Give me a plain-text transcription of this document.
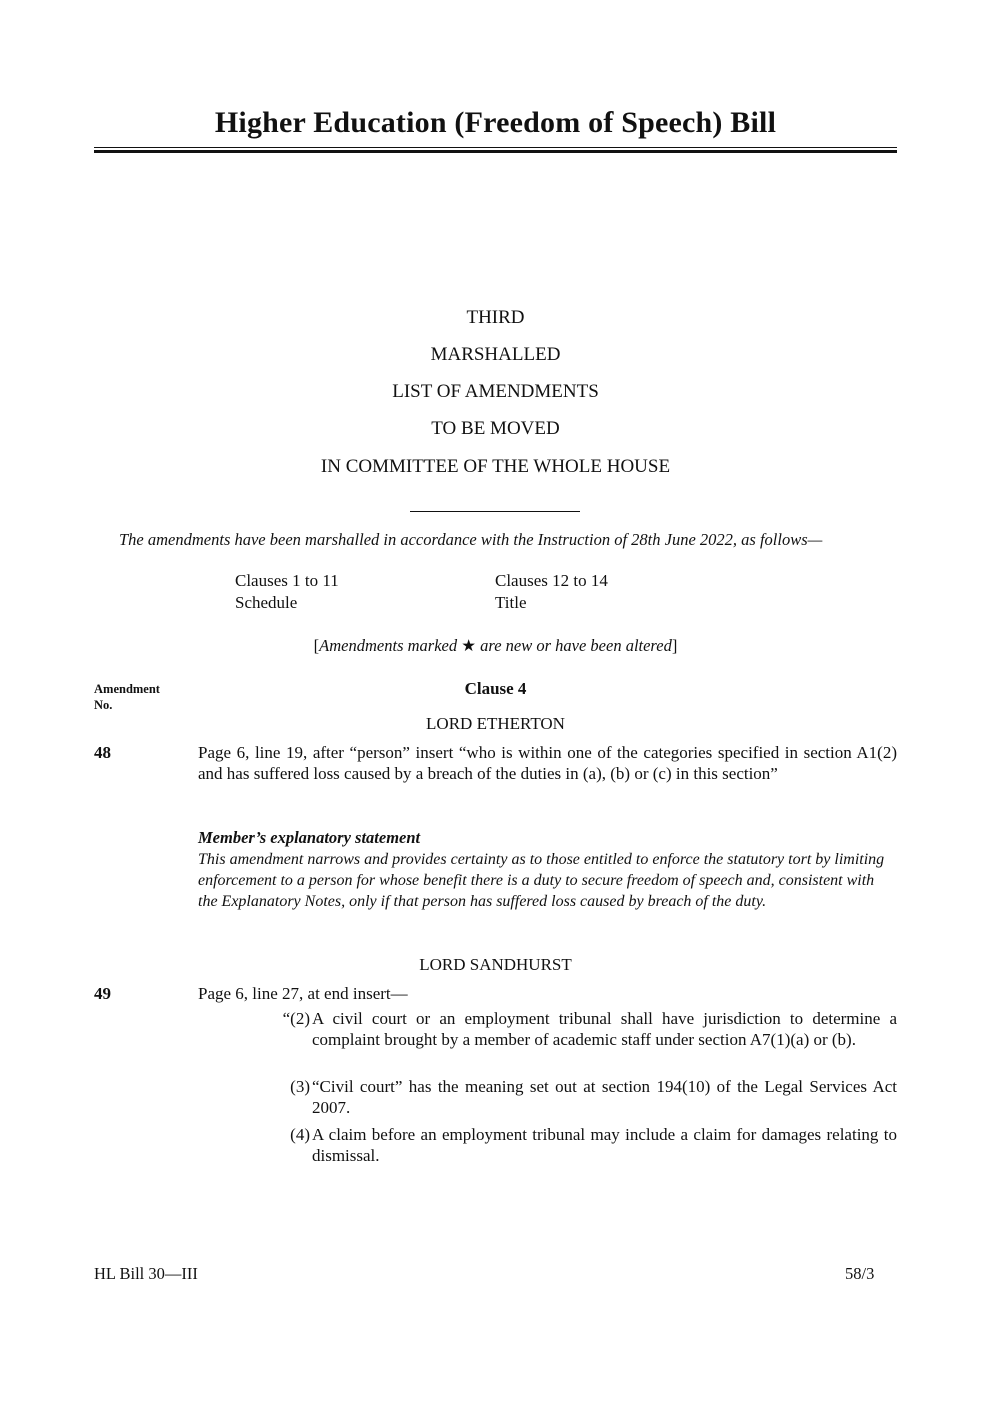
Higher Education (Freedom of Speech) Bill
THIRD
MARSHALLED
LIST OF AMENDMENTS
TO BE MOVED
IN COMMITTEE OF THE WHOLE HOUSE
The amendments have been marshalled in accordance with the Instruction of 28th June 2022, as follows—
Clauses 1 to 11	Clauses 12 to 14
Schedule	Title
[Amendments marked ★ are new or have been altered]
Amendment
No.
Clause 4
LORD ETHERTON
48	Page 6, line 19, after “person” insert “who is within one of the categories specified in section A1(2) and has suffered loss caused by a breach of the duties in (a), (b) or (c) in this section”
Member’s explanatory statement
This amendment narrows and provides certainty as to those entitled to enforce the statutory tort by limiting enforcement to a person for whose benefit there is a duty to secure freedom of speech and, consistent with the Explanatory Notes, only if that person has suffered loss caused by breach of the duty.
LORD SANDHURST
49	Page 6, line 27, at end insert—
“(2) A civil court or an employment tribunal shall have jurisdiction to determine a complaint brought by a member of academic staff under section A7(1)(a) or (b).
(3) “Civil court” has the meaning set out at section 194(10) of the Legal Services Act 2007.
(4) A claim before an employment tribunal may include a claim for damages relating to dismissal.
HL Bill 30—III	58/3
